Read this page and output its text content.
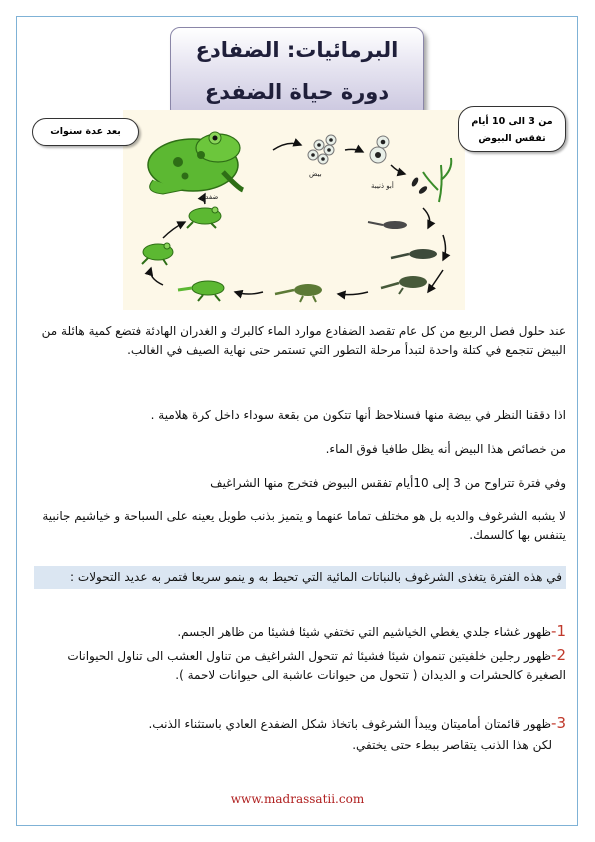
البرمائيات: الضفادع
دورة حياة الضفدع
بيض
أبو ذنيبة
ضفدع
بعد عدة سنوات
من 3 الى 10 أيام
تفقس البيوض
عند حلول فصل الربيع من كل عام تقصد الضفادع موارد الماء كالبرك و الغدران الهادئة فتضع كمية هائلة من البيض تتجمع في كتلة واحدة لتبدأ مرحلة التطور التي تستمر حتى نهاية الصيف في الغالب.
اذا دققنا النظر في بيضة منها فسنلاحظ أنها تتكون من بقعة سوداء داخل كرة هلامية .
من خصائص هذا البيض أنه يظل طافيا فوق الماء.
وفي فترة تتراوح من 3 إلى 10أيام تفقس البيوض فتخرج منها الشراغيف
لا يشبه الشرغوف والديه بل هو مختلف تماما عنهما و يتميز بذنب طويل يعينه على السباحة و خياشيم جانبية يتنفس بها كالسمك.
في هذه الفترة يتغذى الشرغوف بالنباتات المائية التي تحيط به و ينمو سريعا فتمر به عديد التحولات :
1-ظهور غشاء جلدي يغطي الخياشيم التي تختفي شيئا فشيئا من ظاهر الجسم.
2-ظهور رجلين خلفيتين تنموان شيئا فشيئا ثم تتحول الشراغيف من تناول العشب الى تناول الحيوانات الصغيرة كالحشرات و الديدان ( تتحول من حيوانات عاشبة الى حيوانات لاحمة ).
3-ظهور قائمتان أماميتان ويبدأ الشرغوف باتخاذ شكل الضفدع العادي باستثناء الذنب.
لكن هذا الذنب يتقاصر ببطء حتى يختفي.
www.madrassatii.com
